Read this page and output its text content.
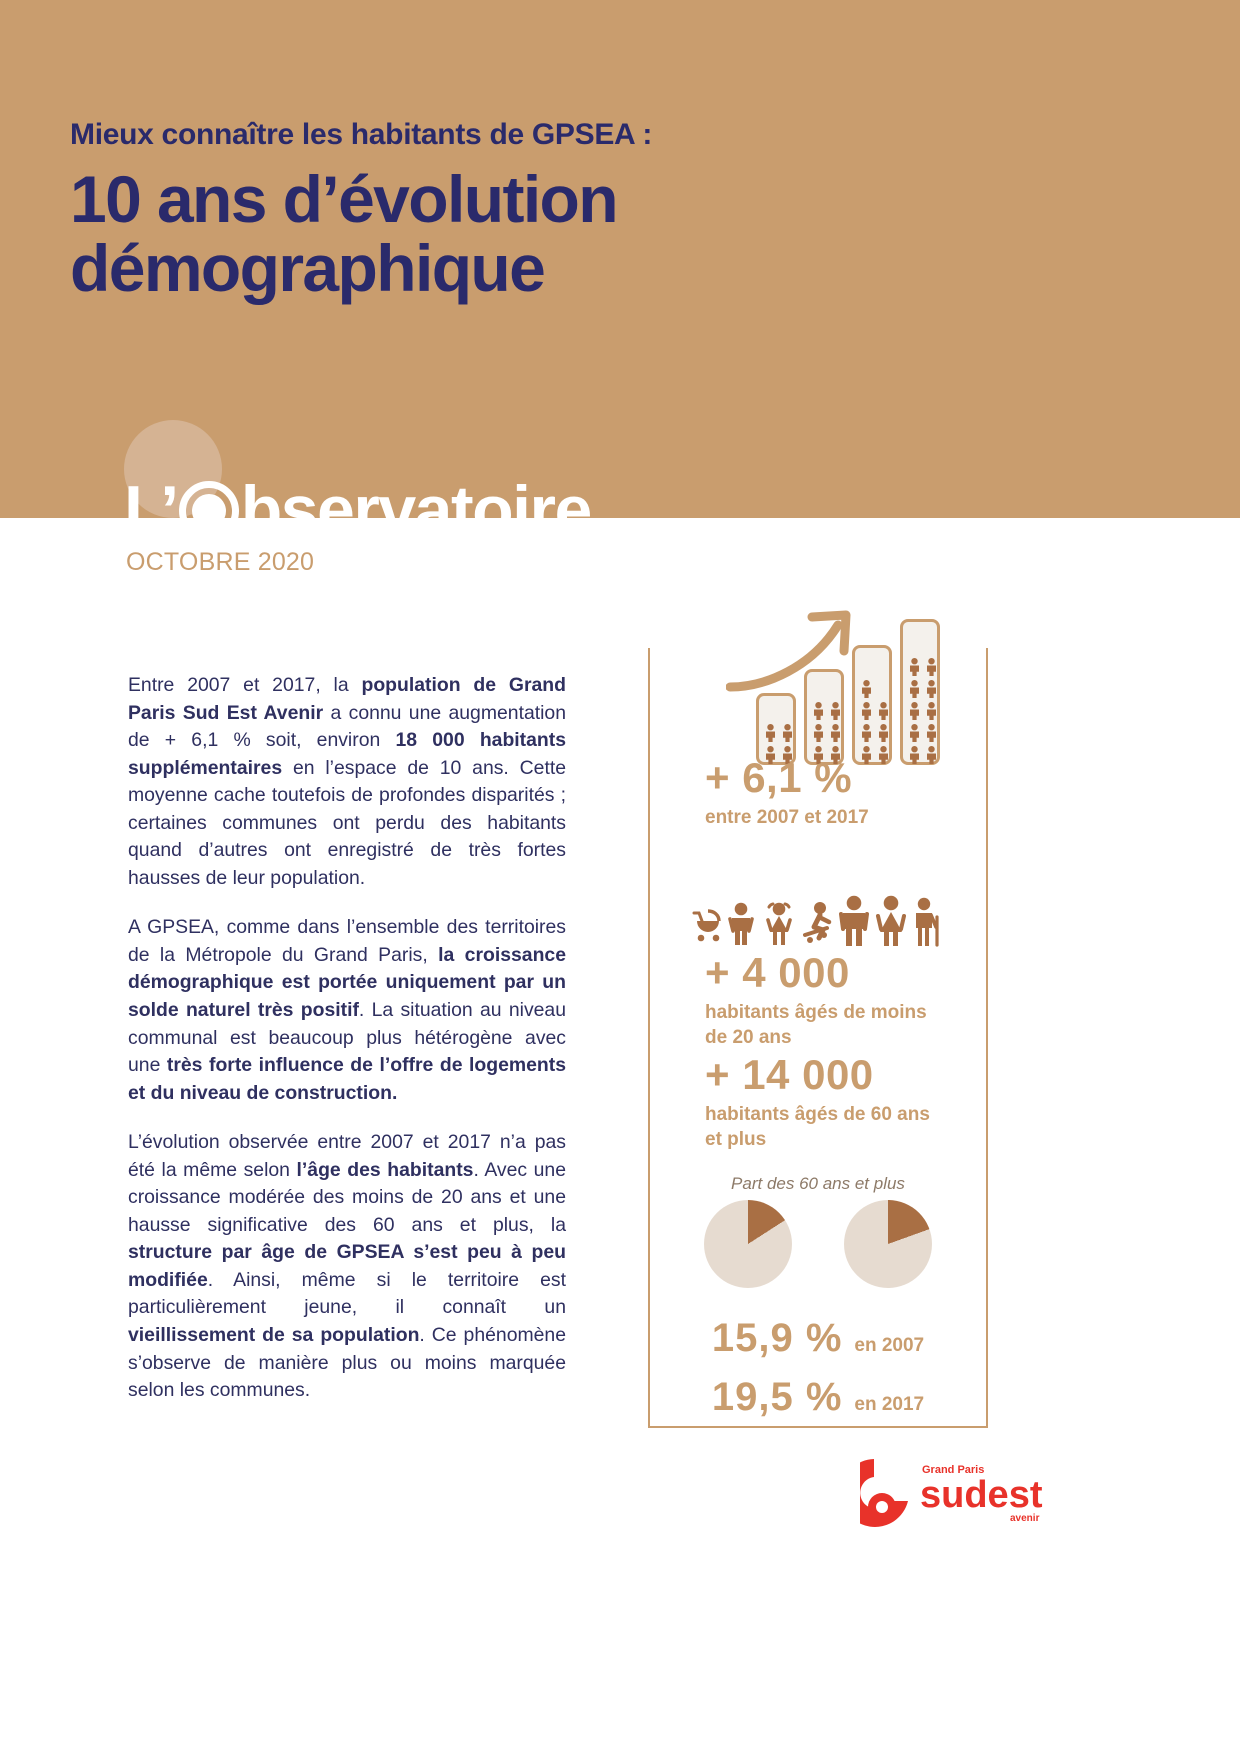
Mieux connaître les habitants de GPSEA :
10 ans d’évolution
démographique
L’ bservatoire
OCTOBRE 2020

Entre 2007 et 2017, la population de Grand Paris Sud Est Avenir a connu une augmentation de + 6,1 % soit, environ 18 000 habitants supplémentaires en l’espace de 10 ans. Cette moyenne cache toutefois de profondes disparités ; certaines communes ont perdu des habitants quand d’autres ont enregistré de très fortes hausses de leur population.

A GPSEA, comme dans l’ensemble des territoires de la Métropole du Grand Paris, la croissance démographique est portée uniquement par un solde naturel très positif. La situation au niveau communal est beaucoup plus hétérogène avec une très forte influence de l’offre de logements et du niveau de construction.

L’évolution observée entre 2007 et 2017 n’a pas été la même selon l’âge des habitants. Avec une croissance modérée des moins de 20 ans et une hausse significative des 60 ans et plus, la structure par âge de GPSEA s’est peu à peu modifiée. Ainsi, même si le territoire est particulièrement jeune, il connaît un vieillissement de sa population. Ce phénomène s’observe de manière plus ou moins marquée selon les communes.

+ 6,1 %
entre 2007 et 2017
+ 4 000
habitants âgés de moins
de 20 ans
+ 14 000
habitants âgés de 60 ans
et plus
Part des 60 ans et plus
15,9 % en 2007
19,5 % en 2017
Grand Paris
sudest
avenir
